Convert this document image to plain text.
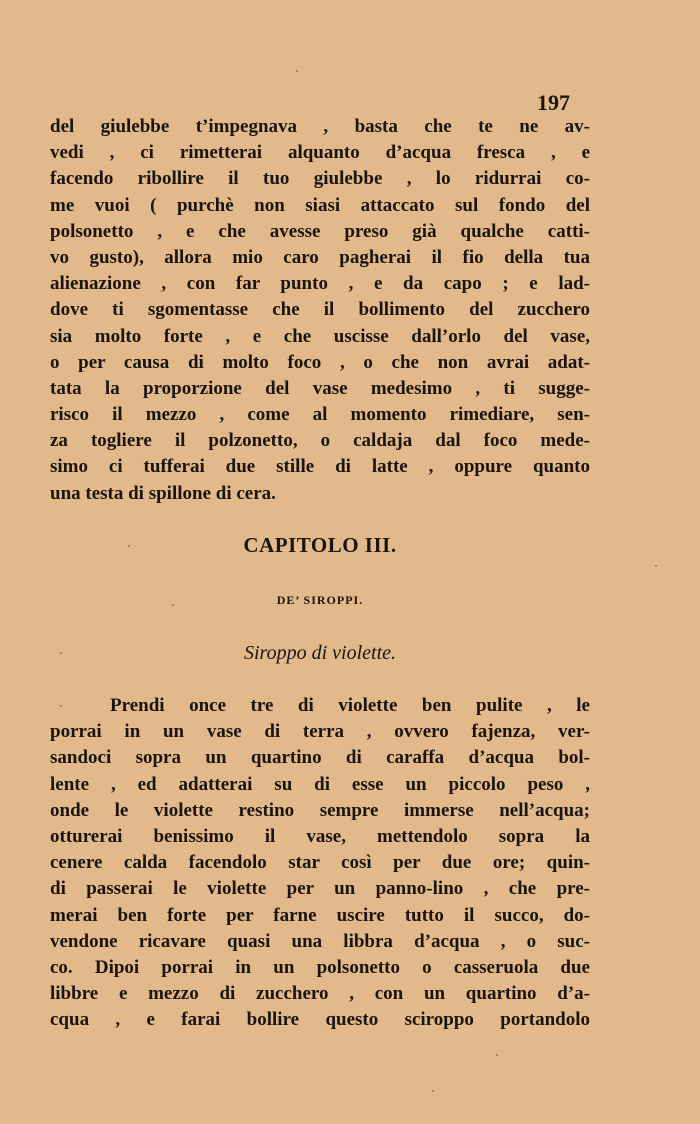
197
del giulebbe t’impegnava , basta che te ne av-
vedi , ci rimetterai alquanto d’acqua fresca , e
facendo ribollire il tuo giulebbe , lo ridurrai co-
me vuoi ( purchè non siasi attaccato sul fondo del
polsonetto , e che avesse preso già qualche catti-
vo gusto), allora mio caro pagherai il fio della tua
alienazione , con far punto , e da capo ; e lad-
dove ti sgomentasse che il bollimento del zucchero
sia molto forte , e che uscisse dall’orlo del vase,
o per causa di molto foco , o che non avrai adat-
tata la proporzione del vase medesimo , ti sugge-
risco il mezzo , come al momento rimediare, sen-
za togliere il polzonetto, o caldaja dal foco mede-
simo ci tufferai due stille di latte , oppure quanto
una testa di spillone di cera.
CAPITOLO III.
DE’ SIROPPI.
Siroppo di violette.
Prendi once tre di violette ben pulite , le
porrai in un vase di terra , ovvero fajenza, ver-
sandoci sopra un quartino di caraffa d’acqua bol-
lente , ed adatterai su di esse un piccolo peso ,
onde le violette restino sempre immerse nell’acqua;
otturerai benissimo il vase, mettendolo sopra la
cenere calda facendolo star così per due ore; quin-
di passerai le violette per un panno-lino , che pre-
merai ben forte per farne uscire tutto il succo, do-
vendone ricavare quasi una libbra d’acqua , o suc-
co. Dipoi porrai in un polsonetto o casseruola due
libbre e mezzo di zucchero , con un quartino d’a-
cqua , e farai bollire questo sciroppo portandolo
